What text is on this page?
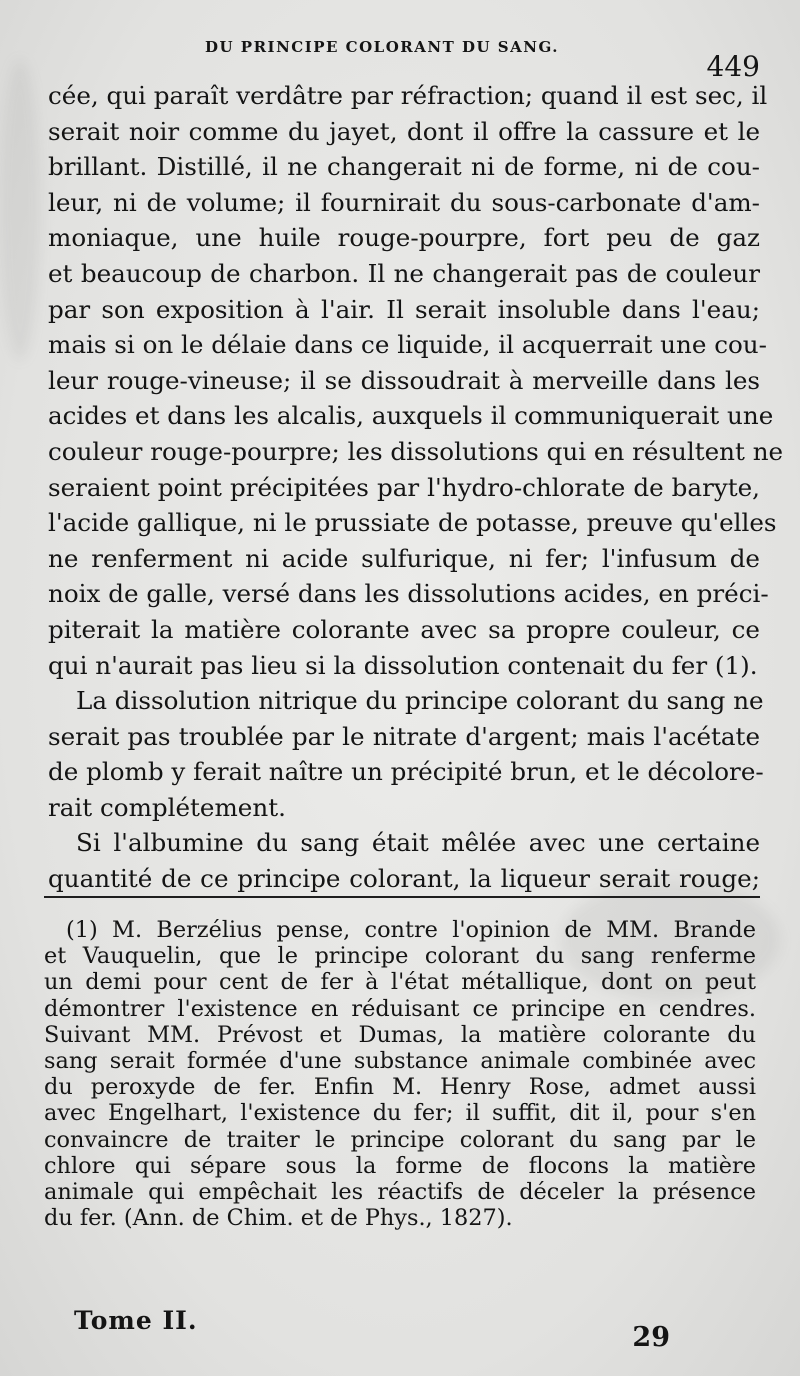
DU PRINCIPE COLORANT DU SANG.
449
cée, qui paraît verdâtre par réfraction; quand il est sec, il
serait noir comme du jayet, dont il offre la cassure et le
brillant. Distillé, il ne changerait ni de forme, ni de cou-
leur, ni de volume; il fournirait du sous-carbonate d'am-
moniaque, une huile rouge-pourpre, fort peu de gaz
et beaucoup de charbon. Il ne changerait pas de couleur
par son exposition à l'air. Il serait insoluble dans l'eau;
mais si on le délaie dans ce liquide, il acquerrait une cou-
leur rouge-vineuse; il se dissoudrait à merveille dans les
acides et dans les alcalis, auxquels il communiquerait une
couleur rouge-pourpre; les dissolutions qui en résultent ne
seraient point précipitées par l'hydro-chlorate de baryte,
l'acide gallique, ni le prussiate de potasse, preuve qu'elles
ne renferment ni acide sulfurique, ni fer; l'infusum de
noix de galle, versé dans les dissolutions acides, en préci-
piterait la matière colorante avec sa propre couleur, ce
qui n'aurait pas lieu si la dissolution contenait du fer (1).
La dissolution nitrique du principe colorant du sang ne
serait pas troublée par le nitrate d'argent; mais l'acétate
de plomb y ferait naître un précipité brun, et le décolore-
rait complétement.
Si l'albumine du sang était mêlée avec une certaine
quantité de ce principe colorant, la liqueur serait rouge;
(1) M. Berzélius pense, contre l'opinion de MM. Brande
et Vauquelin, que le principe colorant du sang renferme
un demi pour cent de fer à l'état métallique, dont on peut
démontrer l'existence en réduisant ce principe en cendres.
Suivant MM. Prévost et Dumas, la matière colorante du
sang serait formée d'une substance animale combinée avec
du peroxyde de fer. Enfin M. Henry Rose, admet aussi
avec Engelhart, l'existence du fer; il suffit, dit il, pour s'en
convaincre de traiter le principe colorant du sang par le
chlore qui sépare sous la forme de flocons la matière
animale qui empêchait les réactifs de déceler la présence
du fer. (Ann. de Chim. et de Phys., 1827).
Tome II.
29
